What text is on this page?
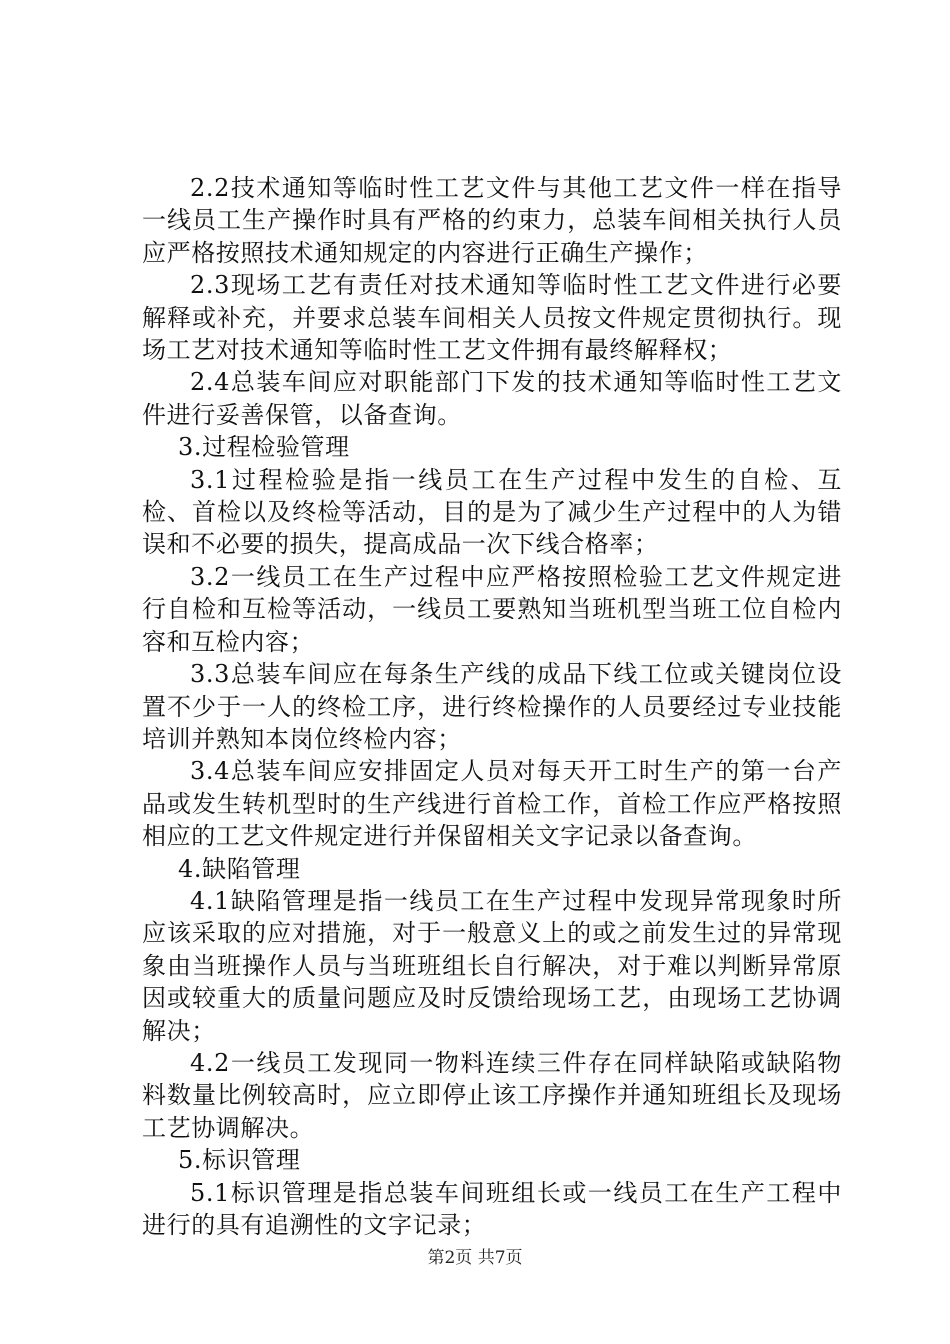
2.2技术通知等临时性工艺文件与其他工艺文件一样在指导一线员工生产操作时具有严格的约束力，总装车间相关执行人员应严格按照技术通知规定的内容进行正确生产操作；

2.3现场工艺有责任对技术通知等临时性工艺文件进行必要解释或补充，并要求总装车间相关人员按文件规定贯彻执行。现场工艺对技术通知等临时性工艺文件拥有最终解释权；

2.4总装车间应对职能部门下发的技术通知等临时性工艺文件进行妥善保管，以备查询。

3.过程检验管理

3.1过程检验是指一线员工在生产过程中发生的自检、互检、首检以及终检等活动，目的是为了减少生产过程中的人为错误和不必要的损失，提高成品一次下线合格率；

3.2一线员工在生产过程中应严格按照检验工艺文件规定进行自检和互检等活动，一线员工要熟知当班机型当班工位自检内容和互检内容；

3.3总装车间应在每条生产线的成品下线工位或关键岗位设置不少于一人的终检工序，进行终检操作的人员要经过专业技能培训并熟知本岗位终检内容；

3.4总装车间应安排固定人员对每天开工时生产的第一台产品或发生转机型时的生产线进行首检工作，首检工作应严格按照相应的工艺文件规定进行并保留相关文字记录以备查询。

4.缺陷管理

4.1缺陷管理是指一线员工在生产过程中发现异常现象时所应该采取的应对措施，对于一般意义上的或之前发生过的异常现象由当班操作人员与当班班组长自行解决，对于难以判断异常原因或较重大的质量问题应及时反馈给现场工艺，由现场工艺协调解决；

4.2一线员工发现同一物料连续三件存在同样缺陷或缺陷物料数量比例较高时，应立即停止该工序操作并通知班组长及现场工艺协调解决。

5.标识管理

5.1标识管理是指总装车间班组长或一线员工在生产工程中进行的具有追溯性的文字记录；

第2页 共7页
